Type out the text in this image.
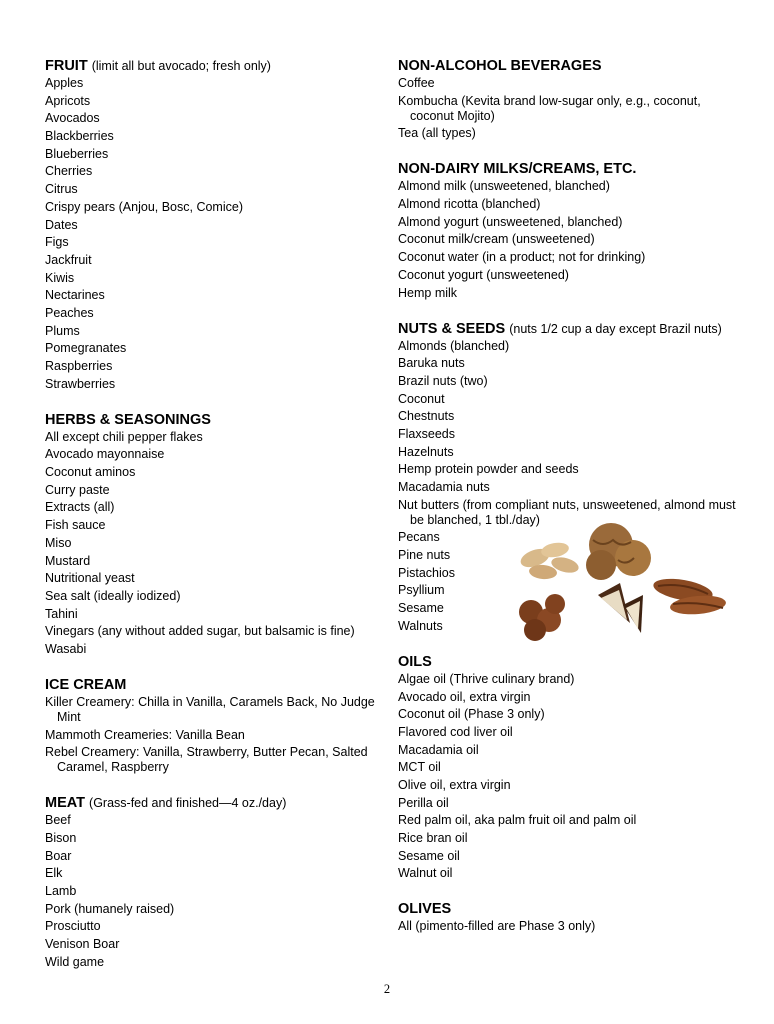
FRUIT (limit all but avocado; fresh only)
Apples
Apricots
Avocados
Blackberries
Blueberries
Cherries
Citrus
Crispy pears (Anjou, Bosc, Comice)
Dates
Figs
Jackfruit
Kiwis
Nectarines
Peaches
Plums
Pomegranates
Raspberries
Strawberries
HERBS & SEASONINGS
All except chili pepper flakes
Avocado mayonnaise
Coconut aminos
Curry paste
Extracts (all)
Fish sauce
Miso
Mustard
Nutritional yeast
Sea salt (ideally iodized)
Tahini
Vinegars (any without added sugar, but balsamic is fine)
Wasabi
ICE CREAM
Killer Creamery: Chilla in Vanilla, Caramels Back, No Judge Mint
Mammoth Creameries: Vanilla Bean
Rebel Creamery: Vanilla, Strawberry, Butter Pecan, Salted Caramel, Raspberry
MEAT (Grass-fed and finished—4 oz./day)
Beef
Bison
Boar
Elk
Lamb
Pork (humanely raised)
Prosciutto
Venison Boar
Wild game
NON-ALCOHOL BEVERAGES
Coffee
Kombucha (Kevita brand low-sugar only, e.g., coconut, coconut Mojito)
Tea (all types)
NON-DAIRY MILKS/CREAMS, ETC.
Almond milk (unsweetened, blanched)
Almond ricotta (blanched)
Almond yogurt (unsweetened, blanched)
Coconut milk/cream (unsweetened)
Coconut water (in a product; not for drinking)
Coconut yogurt (unsweetened)
Hemp milk
NUTS & SEEDS (nuts 1/2 cup a day except Brazil nuts)
Almonds (blanched)
Baruka nuts
Brazil nuts (two)
Coconut
Chestnuts
Flaxseeds
Hazelnuts
Hemp protein powder and seeds
Macadamia nuts
Nut butters (from compliant nuts, unsweetened, almond must be blanched, 1 tbl./day)
Pecans
Pine nuts
Pistachios
Psyllium
Sesame
Walnuts
OILS
Algae oil (Thrive culinary brand)
Avocado oil, extra virgin
Coconut oil (Phase 3 only)
Flavored cod liver oil
Macadamia oil
MCT oil
Olive oil, extra virgin
Perilla oil
Red palm oil, aka palm fruit oil and palm oil
Rice bran oil
Sesame oil
Walnut oil
OLIVES
All (pimento-filled are Phase 3 only)
2
